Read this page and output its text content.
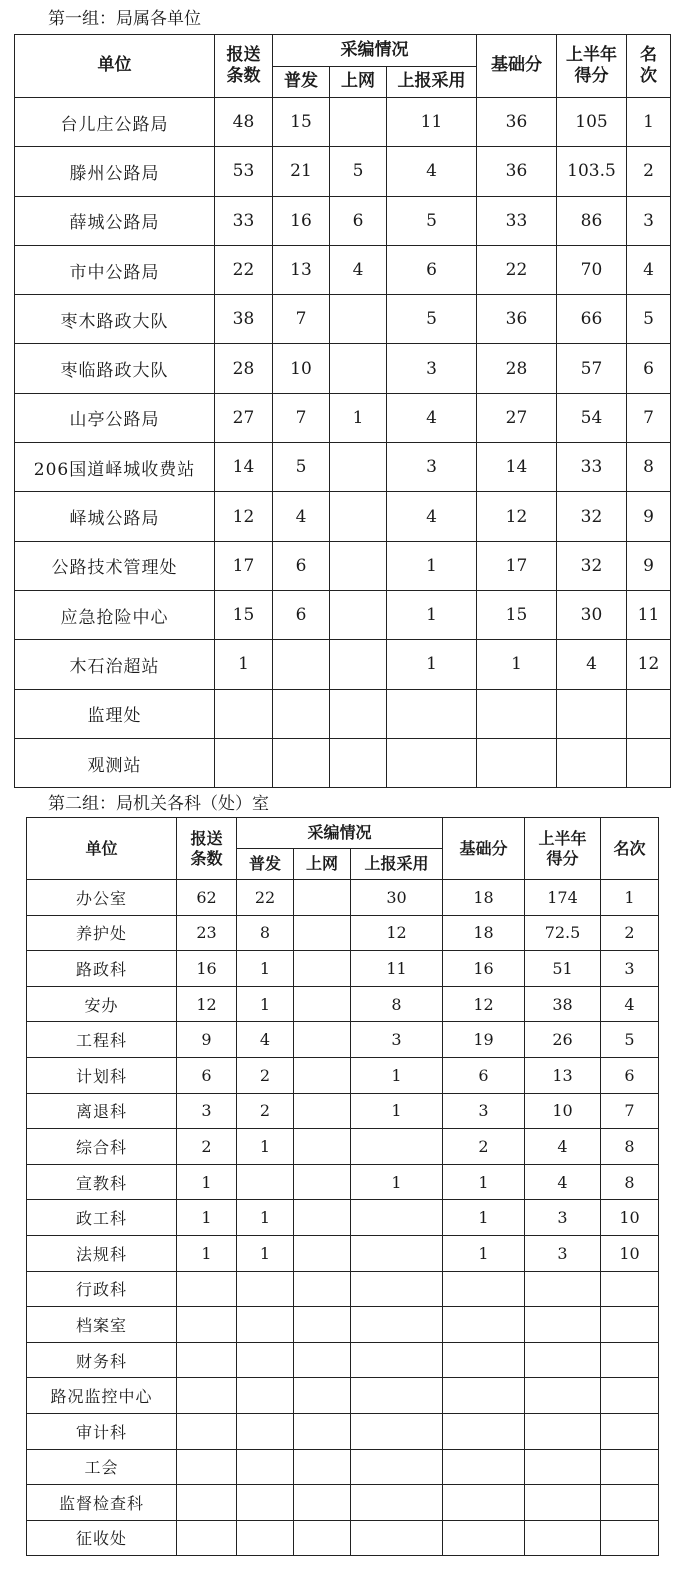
第一组：局属各单位
单位	报送
条数	采编情况			基础分	上半年
得分	名
次
		普发	上网	上报采用			
台儿庄公路局	48	15		11	36	105	1
滕州公路局	53	21	5	4	36	103.5	2
薛城公路局	33	16	6	5	33	86	3
市中公路局	22	13	4	6	22	70	4
枣木路政大队	38	7		5	36	66	5
枣临路政大队	28	10		3	28	57	6
山亭公路局	27	7	1	4	27	54	7
206国道峄城收费站	14	5		3	14	33	8
峄城公路局	12	4		4	12	32	9
公路技术管理处	17	6		1	17	32	9
应急抢险中心	15	6		1	15	30	11
木石治超站	1			1	1	4	12
监理处							
观测站							
第二组：局机关各科（处）室
单位	报送
条数	采编情况			基础分	上半年
得分	名次
		普发	上网	上报采用			
办公室	62	22		30	18	174	1
养护处	23	8		12	18	72.5	2
路政科	16	1		11	16	51	3
安办	12	1		8	12	38	4
工程科	9	4		3	19	26	5
计划科	6	2		1	6	13	6
离退科	3	2		1	3	10	7
综合科	2	1			2	4	8
宣教科	1			1	1	4	8
政工科	1	1			1	3	10
法规科	1	1			1	3	10
行政科							
档案室							
财务科							
路况监控中心							
审计科							
工会							
监督检查科							
征收处							
